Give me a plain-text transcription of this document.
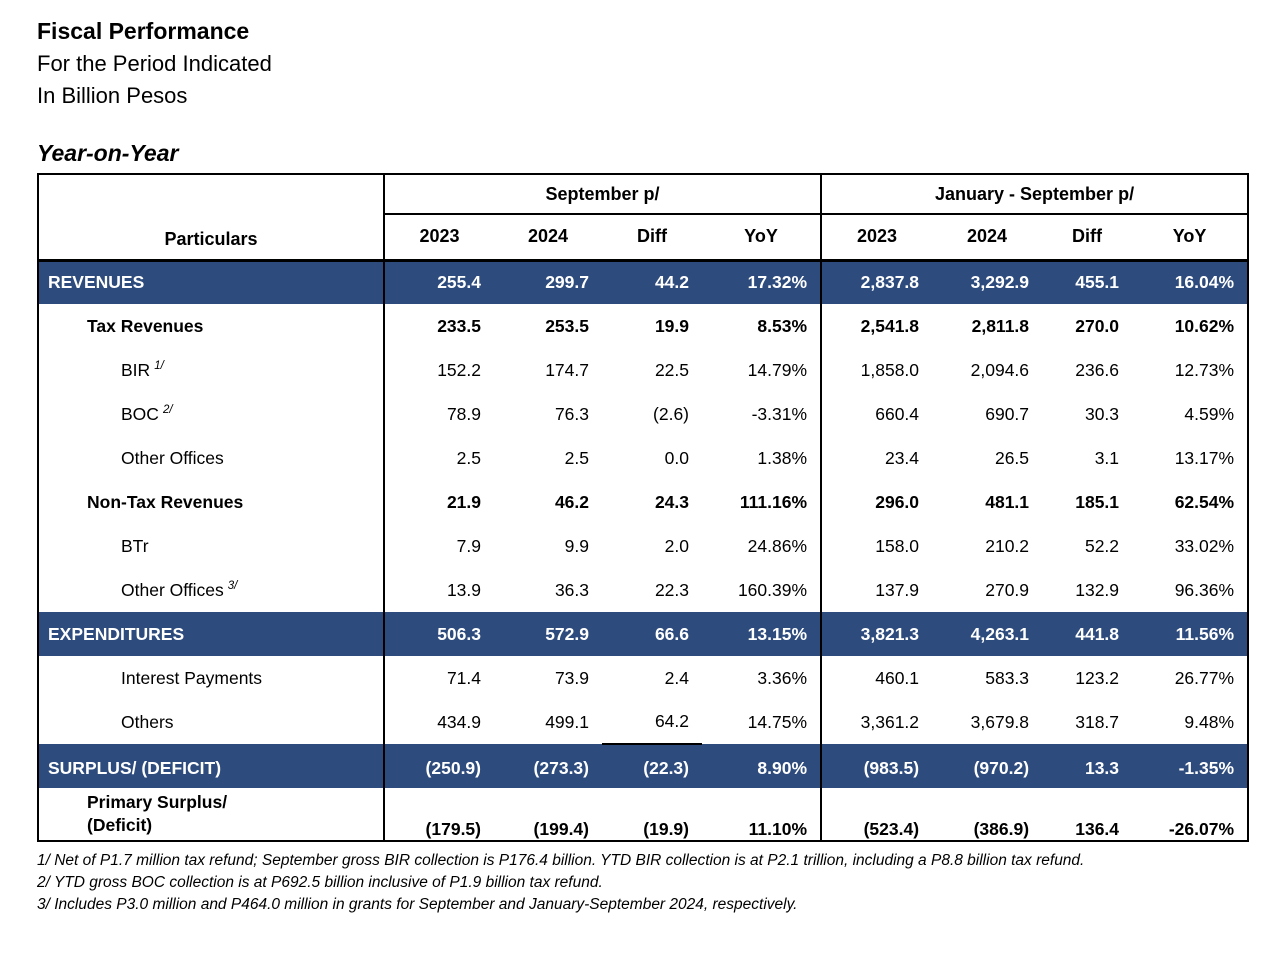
Fiscal Performance
For the Period Indicated
In Billion Pesos
Year-on-Year
Particulars	September p/				January - September p/			
	2023	2024	Diff	YoY	2023	2024	Diff	YoY
REVENUES	255.4	299.7	44.2	17.32%	2,837.8	3,292.9	455.1	16.04%
Tax Revenues	233.5	253.5	19.9	8.53%	2,541.8	2,811.8	270.0	10.62%
BIR $^{1/}$	152.2	174.7	22.5	14.79%	1,858.0	2,094.6	236.6	12.73%
BOC $^{2/}$	78.9	76.3	(2.6)	-3.31%	660.4	690.7	30.3	4.59%
Other Offices	2.5	2.5	0.0	1.38%	23.4	26.5	3.1	13.17%
Non-Tax Revenues	21.9	46.2	24.3	111.16%	296.0	481.1	185.1	62.54%
BTr	7.9	9.9	2.0	24.86%	158.0	210.2	52.2	33.02%
Other Offices $^{3/}$	13.9	36.3	22.3	160.39%	137.9	270.9	132.9	96.36%
EXPENDITURES	506.3	572.9	66.6	13.15%	3,821.3	4,263.1	441.8	11.56%
Interest Payments	71.4	73.9	2.4	3.36%	460.1	583.3	123.2	26.77%
Others	434.9	499.1	64.2	14.75%	3,361.2	3,679.8	318.7	9.48%
SURPLUS/ (DEFICIT)	(250.9)	(273.3)	(22.3)	8.90%	(983.5)	(970.2)	13.3	-1.35%
Primary Surplus/
(Deficit)	(179.5)	(199.4)	(19.9)	11.10%	(523.4)	(386.9)	136.4	-26.07%
1/ Net of P1.7 million tax refund; September gross BIR collection is P176.4 billion. YTD BIR collection is at P2.1 trillion, including a P8.8 billion tax refund.
2/ YTD gross BOC collection is at P692.5 billion inclusive of P1.9 billion tax refund.
3/ Includes P3.0 million and P464.0 million in grants for September and January-September 2024, respectively.
